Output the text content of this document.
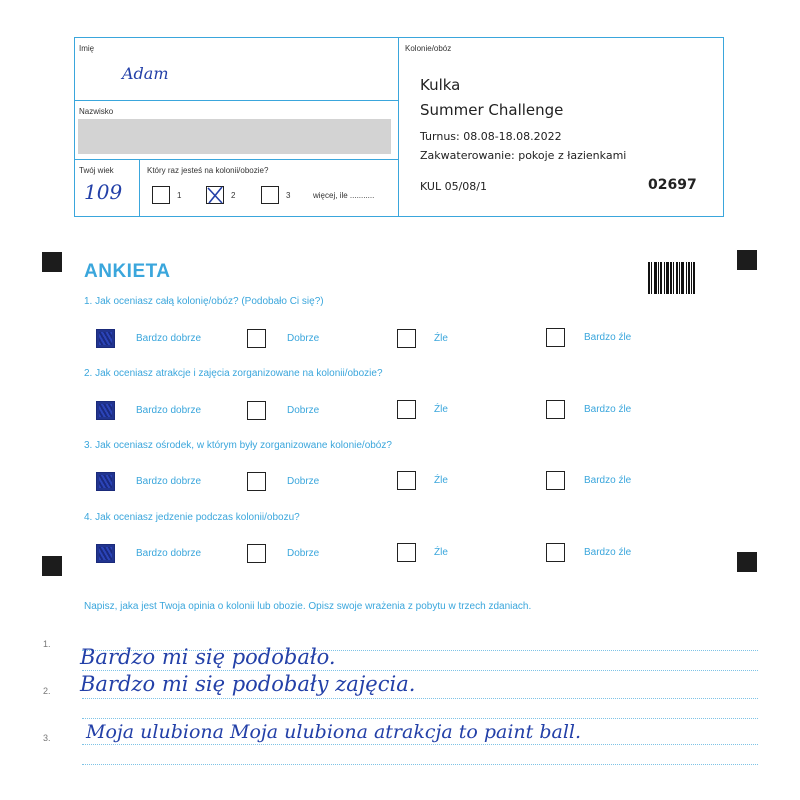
Imię
Adam
Nazwisko
Twój wiek
109
Który raz jesteś na kolonii/obozie?
1	2	3	więcej, ile ...........
Kolonie/obóz
Kulka
Summer Challenge
Turnus: 08.08-18.08.2022
Zakwaterowanie: pokoje z łazienkami
KUL 05/08/1	02697
ANKIETA
1. Jak oceniasz całą kolonię/obóz? (Podobało Ci się?)
Bardzo dobrze	Dobrze	Źle	Bardzo źle
2. Jak oceniasz atrakcje i zajęcia zorganizowane na kolonii/obozie?
Bardzo dobrze	Dobrze	Źle	Bardzo źle
3. Jak oceniasz ośrodek, w którym były zorganizowane kolonie/obóz?
Bardzo dobrze	Dobrze	Źle	Bardzo źle
4. Jak oceniasz jedzenie podczas kolonii/obozu?
Bardzo dobrze	Dobrze	Źle	Bardzo źle
Napisz, jaka jest Twoja opinia o kolonii lub obozie. Opisz swoje wrażenia z pobytu w trzech zdaniach.
1.
Bardzo mi się podobało.
2. Bardzo mi się podobały zajęcia.
3. Moja ulubiona Moja ulubiona atrakcja to paint ball.
